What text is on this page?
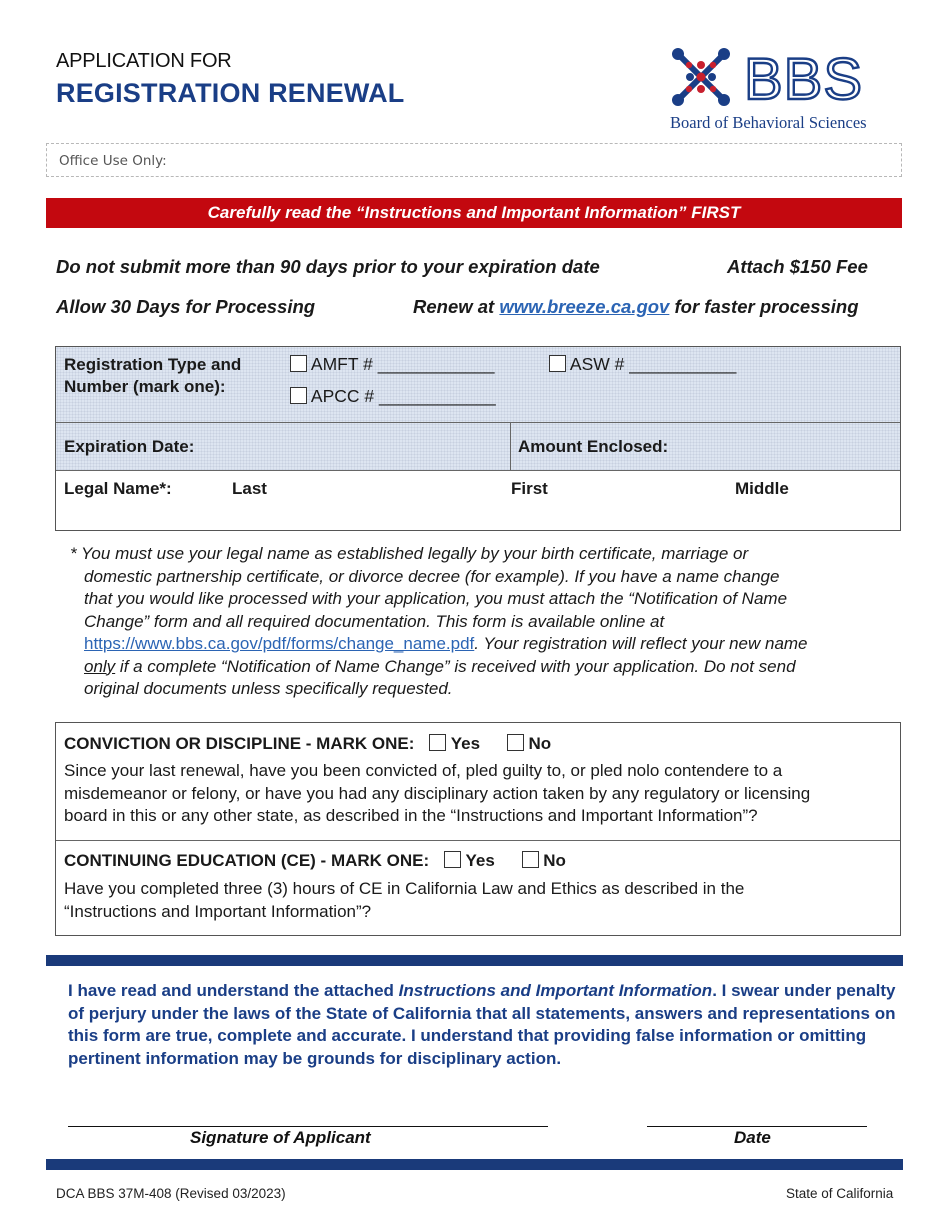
APPLICATION FOR
REGISTRATION RENEWAL	BBS
Board of Behavioral Sciences
Office Use Only:
Carefully read the “Instructions and Important Information” FIRST
Do not submit more than 90 days prior to your expiration date	Attach $150 Fee
Allow 30 Days for Processing	Renew at www.breeze.ca.gov for faster processing
Registration Type and
Number (mark one):
AMFT # ____________	ASW # ___________
APCC # ____________
Expiration Date:	Amount Enclosed:
Legal Name*:	Last	First	Middle
* You must use your legal name as established legally by your birth certificate, marriage or
domestic partnership certificate, or divorce decree (for example). If you have a name change
that you would like processed with your application, you must attach the “Notification of Name
Change” form and all required documentation. This form is available online at
https://www.bbs.ca.gov/pdf/forms/change_name.pdf. Your registration will reflect your new name
only if a complete “Notification of Name Change” is received with your application. Do not send
original documents unless specifically requested.
CONVICTION OR DISCIPLINE - MARK ONE: Yes	No
Since your last renewal, have you been convicted of, pled guilty to, or pled nolo contendere to a
misdemeanor or felony, or have you had any disciplinary action taken by any regulatory or licensing
board in this or any other state, as described in the “Instructions and Important Information”?
CONTINUING EDUCATION (CE) - MARK ONE: Yes	No
Have you completed three (3) hours of CE in California Law and Ethics as described in the
“Instructions and Important Information”?
I have read and understand the attached Instructions and Important Information. I swear under penalty of perjury under the laws of the State of California that all statements, answers and representations on this form are true, complete and accurate. I understand that providing false information or omitting pertinent information may be grounds for disciplinary action.
Signature of Applicant	Date
DCA BBS 37M-408 (Revised 03/2023)	State of California
